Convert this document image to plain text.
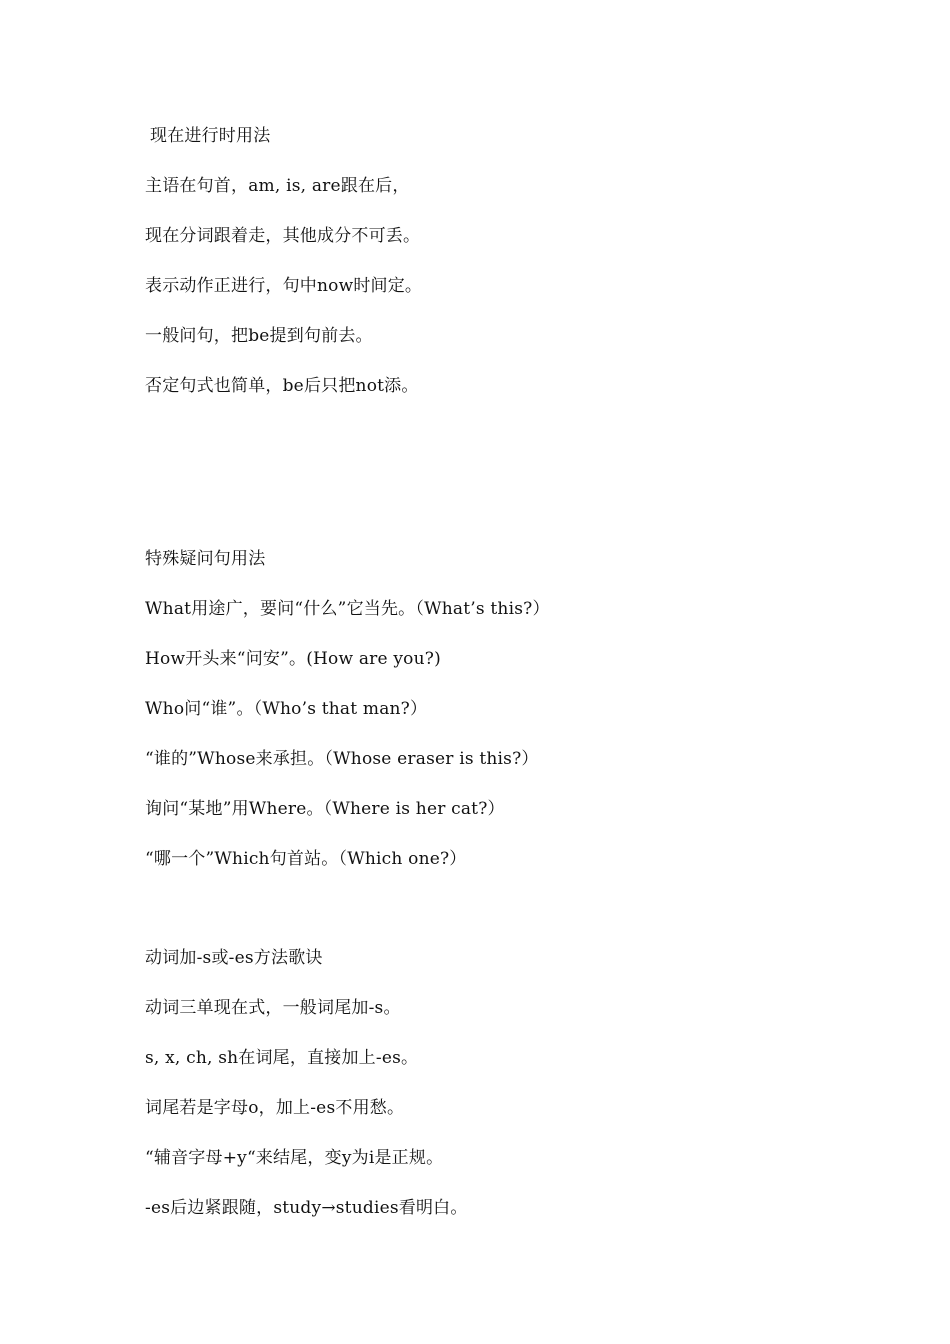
现在进行时用法
主语在句首，am, is, are跟在后，
现在分词跟着走，其他成分不可丢。
表示动作正进行，句中now时间定。
一般问句，把be提到句前去。
否定句式也简单，be后只把not添。
特殊疑问句用法
What用途广，要问“什么”它当先。（What’s this?）
How开头来“问安”。(How are you?)
Who问“谁”。（Who’s that man?）
“谁的”Whose来承担。（Whose eraser is this?）
询问“某地”用Where。（Where is her cat?）
“哪一个”Which句首站。（Which one?）
动词加-s或-es方法歌诀
动词三单现在式，一般词尾加-s。
s, x, ch, sh在词尾，直接加上-es。
词尾若是字母o，加上-es不用愁。
“辅音字母+y“来结尾，变y为i是正规。
-es后边紧跟随，study→studies看明白。
